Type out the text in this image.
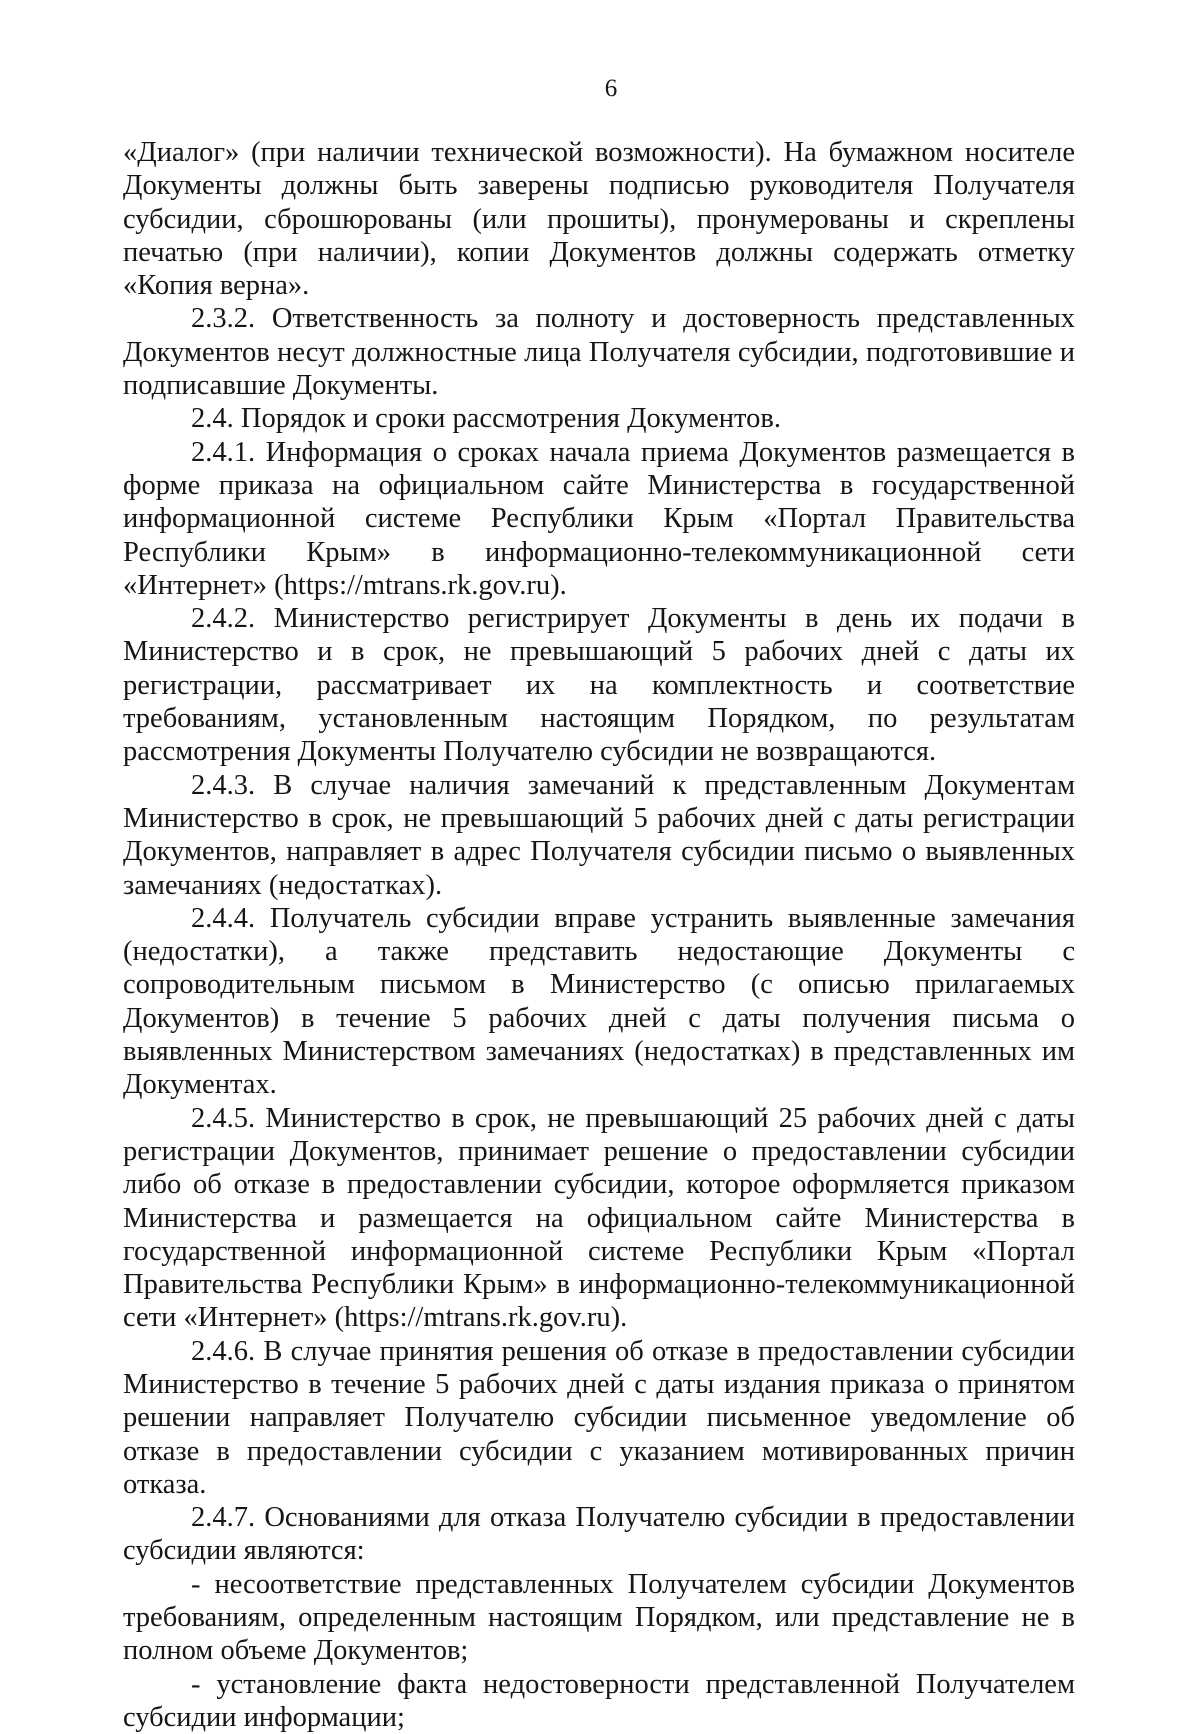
6

«Диалог» (при наличии технической возможности). На бумажном носителе Документы должны быть заверены подписью руководителя Получателя субсидии, сброшюрованы (или прошиты), пронумерованы и скреплены печатью (при наличии), копии Документов должны содержать отметку «Копия верна».

2.3.2. Ответственность за полноту и достоверность представленных Документов несут должностные лица Получателя субсидии, подготовившие и подписавшие Документы.

2.4. Порядок и сроки рассмотрения Документов.

2.4.1. Информация о сроках начала приема Документов размещается в форме приказа на официальном сайте Министерства в государственной информационной системе Республики Крым «Портал Правительства Республики Крым» в информационно-телекоммуникационной сети «Интернет» (https://mtrans.rk.gov.ru).

2.4.2. Министерство регистрирует Документы в день их подачи в Министерство и в срок, не превышающий 5 рабочих дней с даты их регистрации, рассматривает их на комплектность и соответствие требованиям, установленным настоящим Порядком, по результатам рассмотрения Документы Получателю субсидии не возвращаются.

2.4.3. В случае наличия замечаний к представленным Документам Министерство в срок, не превышающий 5 рабочих дней с даты регистрации Документов, направляет в адрес Получателя субсидии письмо о выявленных замечаниях (недостатках).

2.4.4. Получатель субсидии вправе устранить выявленные замечания (недостатки), а также представить недостающие Документы с сопроводительным письмом в Министерство (с описью прилагаемых Документов) в течение 5 рабочих дней с даты получения письма о выявленных Министерством замечаниях (недостатках) в представленных им Документах.

2.4.5. Министерство в срок, не превышающий 25 рабочих дней с даты регистрации Документов, принимает решение о предоставлении субсидии либо об отказе в предоставлении субсидии, которое оформляется приказом Министерства и размещается на официальном сайте Министерства в государственной информационной системе Республики Крым «Портал Правительства Республики Крым» в информационно-телекоммуникационной сети «Интернет» (https://mtrans.rk.gov.ru).

2.4.6. В случае принятия решения об отказе в предоставлении субсидии Министерство в течение 5 рабочих дней с даты издания приказа о принятом решении направляет Получателю субсидии письменное уведомление об отказе в предоставлении субсидии с указанием мотивированных причин отказа.

2.4.7. Основаниями для отказа Получателю субсидии в предоставлении субсидии являются:

- несоответствие представленных Получателем субсидии Документов требованиям, определенным настоящим Порядком, или представление не в полном объеме Документов;

- установление факта недостоверности представленной Получателем субсидии информации;
